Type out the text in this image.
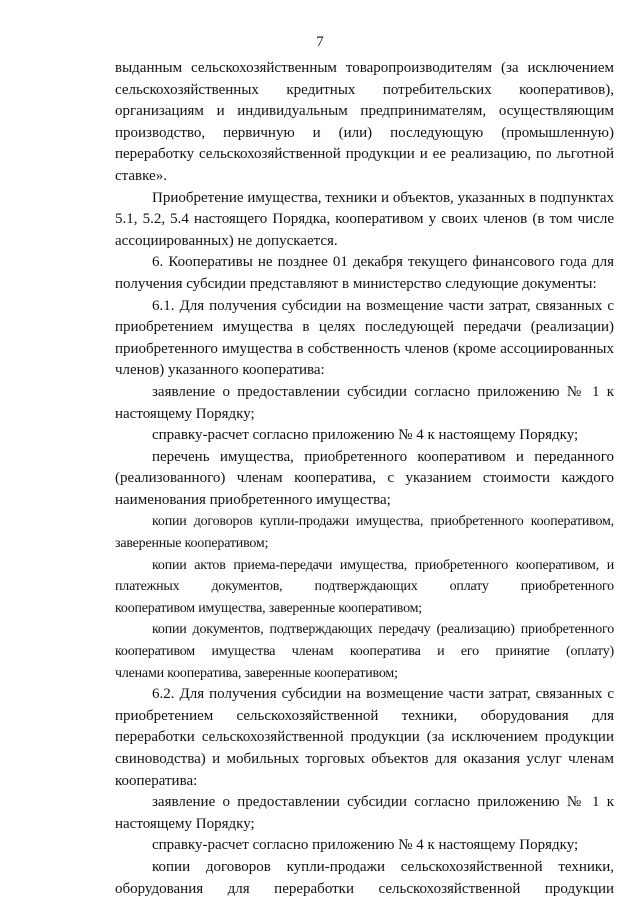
7
выданным сельскохозяйственным товаропроизводителям (за исключением
сельскохозяйственных кредитных потребительских кооперативов),
организациям и индивидуальным предпринимателям, осуществляющим
производство, первичную и (или) последующую (промышленную)
переработку сельскохозяйственной продукции и ее реализацию, по льготной
ставке».
Приобретение имущества, техники и объектов, указанных в подпунктах
5.1, 5.2, 5.4 настоящего Порядка, кооперативом у своих членов (в том числе
ассоциированных) не допускается.
6. Кооперативы не позднее 01 декабря текущего финансового года для
получения субсидии представляют в министерство следующие документы:
6.1. Для получения субсидии на возмещение части затрат, связанных с
приобретением имущества в целях последующей передачи (реализации)
приобретенного имущества в собственность членов (кроме ассоциированных
членов) указанного кооператива:
заявление о предоставлении субсидии согласно приложению № 1 к
настоящему Порядку;
справку-расчет согласно приложению № 4 к настоящему Порядку;
перечень имущества, приобретенного кооперативом и переданного
(реализованного) членам кооператива, с указанием стоимости каждого
наименования приобретенного имущества;
копии договоров купли-продажи имущества, приобретенного кооперативом,
заверенные кооперативом;
копии актов приема-передачи имущества, приобретенного кооперативом, и
платежных документов, подтверждающих оплату приобретенного
кооперативом имущества, заверенные кооперативом;
копии документов, подтверждающих передачу (реализацию) приобретенного
кооперативом имущества членам кооператива и его принятие (оплату)
членами кооператива, заверенные кооперативом;
6.2. Для получения субсидии на возмещение части затрат, связанных с
приобретением сельскохозяйственной техники, оборудования для
переработки сельскохозяйственной продукции (за исключением продукции
свиноводства) и мобильных торговых объектов для оказания услуг членам
кооператива:
заявление о предоставлении субсидии согласно приложению № 1 к
настоящему Порядку;
справку-расчет согласно приложению № 4 к настоящему Порядку;
копии договоров купли-продажи сельскохозяйственной техники,
оборудования для переработки сельскохозяйственной продукции
